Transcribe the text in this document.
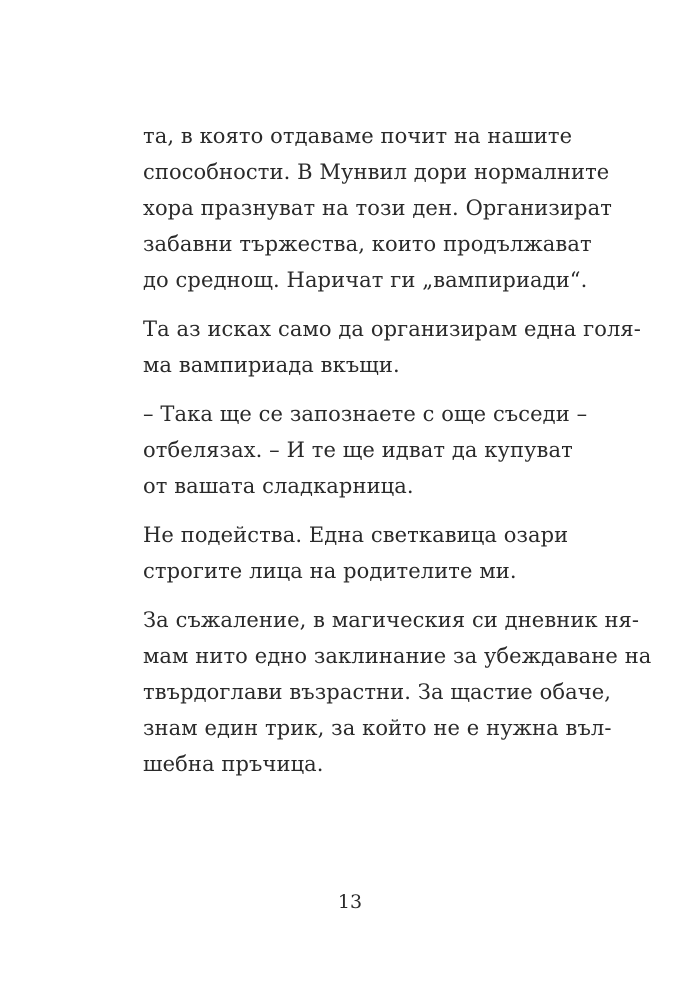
та, в която отдаваме почит на нашите
способности. В Мунвил дори нормалните
хора празнуват на този ден. Организират
забавни тържества, които продължават
до среднощ. Наричат ги „вампириади“.

Та аз исках само да организирам една голя-
ма вампириада вкъщи.

– Така ще се запознаете с още съседи –
отбелязах. – И те ще идват да купуват
от вашата сладкарница.

Не подейства. Една светкавица озари
строгите лица на родителите ми.

За съжаление, в магическия си дневник ня-
мам нито едно заклинание за убеждаване на
твърдоглави възрастни. За щастие обаче,
знам един трик, за който не е нужна въл-
шебна пръчица.

13
